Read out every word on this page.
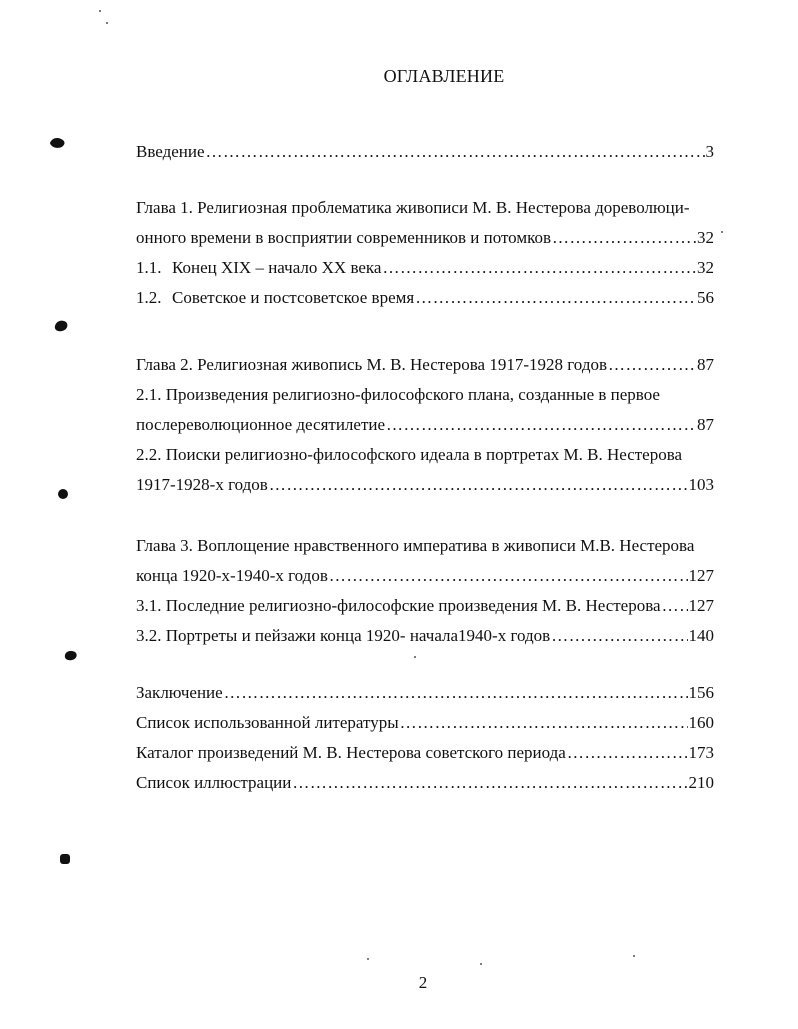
ОГЛАВЛЕНИЕ
Введение ………………………………………………………………………………………………………………………………………………………………	3
Глава 1. Религиозная проблематика живописи М. В. Нестерова дореволюци-
онного времени в восприятии современников и потомков ………………………………………………………………………………………………………………………………………………………………	32
1.1. Конец XIX – начало XX века ………………………………………………………………………………………………………………………………………………………………	32
1.2. Советское и постсоветское время ………………………………………………………………………………………………………………………………………………………………	56
Глава 2. Религиозная живопись М. В. Нестерова 1917-1928 годов ………………………………………………………………………………………………………………………………………………………………	87
2.1. Произведения религиозно-философского плана, созданные в первое
послереволюционное десятилетие ………………………………………………………………………………………………………………………………………………………………	87
2.2. Поиски религиозно-философского идеала в портретах М. В. Нестерова
1917-1928-х годов ………………………………………………………………………………………………………………………………………………………………	103
Глава 3. Воплощение нравственного императива в живописи М.В. Нестерова
конца 1920-х-1940-х годов ………………………………………………………………………………………………………………………………………………………………	127
3.1. Последние религиозно-философские произведения М. В. Нестерова ……………………………………………………………………………………………………………………………………………………………… 127
3.2. Портреты и пейзажи конца 1920- начала1940-х годов ………………………………………………………………………………………………………………………………………………………………	140
Заключение ………………………………………………………………………………………………………………………………………………………………	156
Список использованной литературы ………………………………………………………………………………………………………………………………………………………………	160
Каталог произведений М. В. Нестерова советского периода ………………………………………………………………………………………………………………………………………………………………	173
Список иллюстрации ………………………………………………………………………………………………………………………………………………………………	210
2
